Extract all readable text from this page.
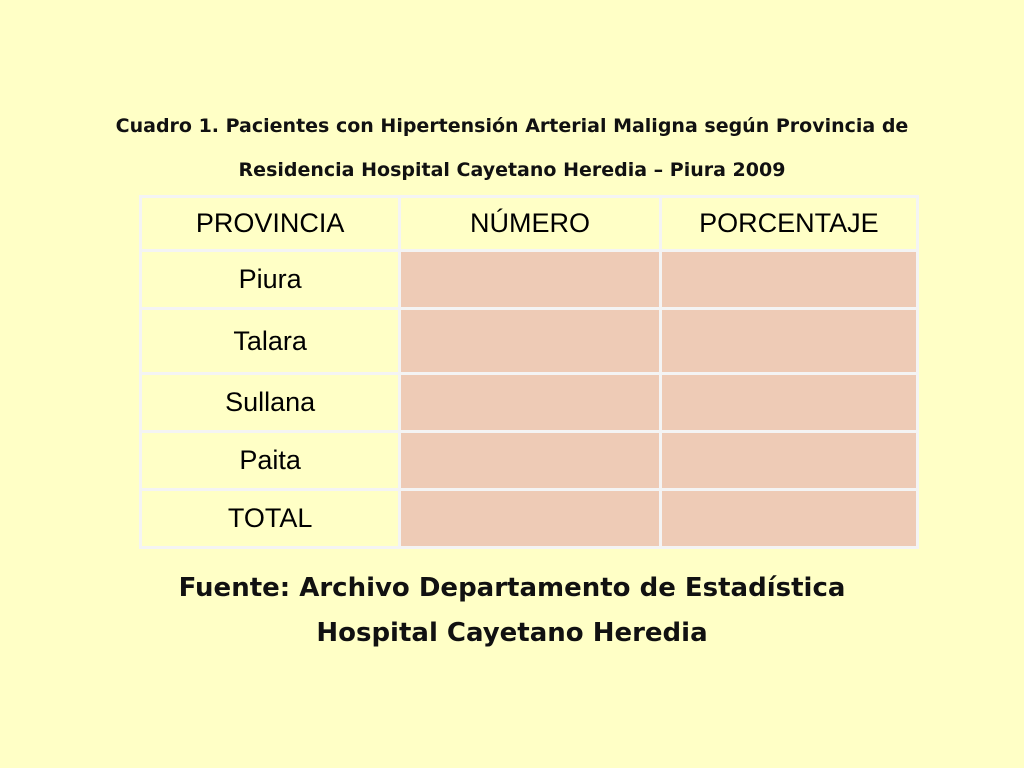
Cuadro 1. Pacientes con Hipertensión Arterial Maligna según Provincia de
Residencia Hospital Cayetano Heredia – Piura 2009
PROVINCIA	NÚMERO	PORCENTAJE
Piura		
Talara		
Sullana		
Paita		
TOTAL		
Fuente: Archivo Departamento de Estadística
Hospital Cayetano Heredia
